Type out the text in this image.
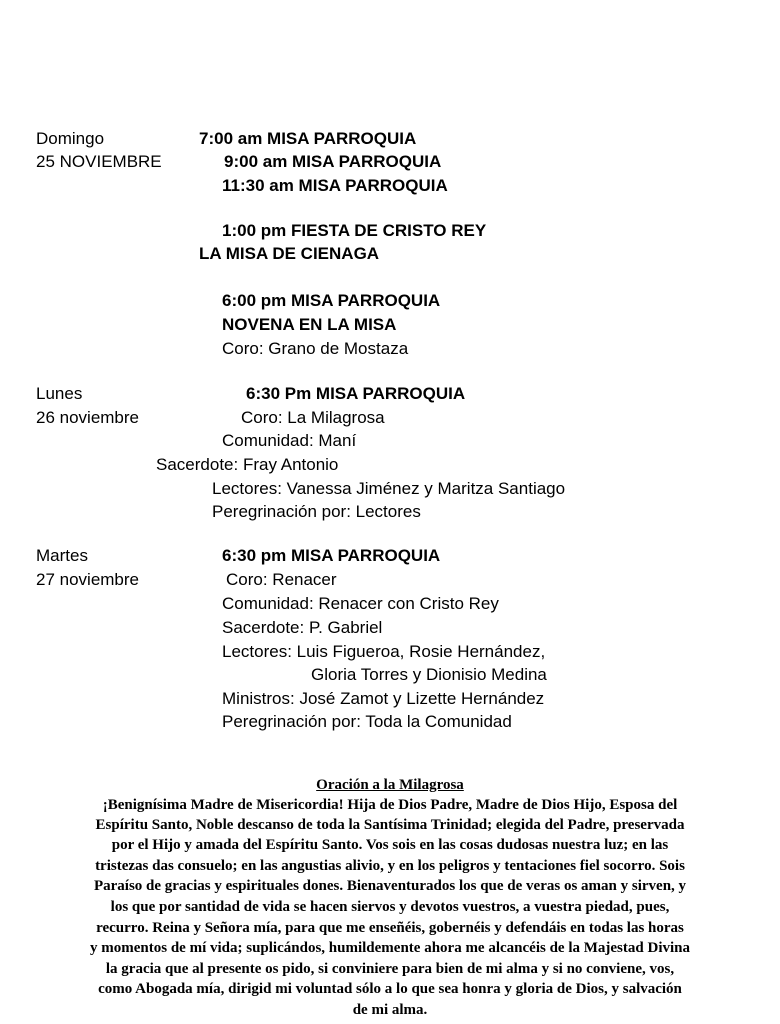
Domingo
25 NOVIEMBRE
7:00 am MISA PARROQUIA
9:00 am MISA PARROQUIA
11:30 am MISA PARROQUIA
1:00 pm FIESTA DE CRISTO REY
LA MISA DE CIENAGA
6:00 pm MISA PARROQUIA
NOVENA EN LA MISA
Coro: Grano de Mostaza
Lunes
26 noviembre
6:30 Pm MISA PARROQUIA
Coro: La Milagrosa
Comunidad: Maní
Sacerdote: Fray Antonio
Lectores: Vanessa Jiménez y Maritza Santiago
Peregrinación por: Lectores
Martes
27 noviembre
6:30 pm MISA PARROQUIA
Coro: Renacer
Comunidad: Renacer con Cristo Rey
Sacerdote: P. Gabriel
Lectores: Luis Figueroa, Rosie Hernández,
Gloria Torres y Dionisio Medina
Ministros: José Zamot y Lizette Hernández
Peregrinación por: Toda la Comunidad
Oración a la Milagrosa
¡Benignísima Madre de Misericordia! Hija de Dios Padre, Madre de Dios Hijo, Esposa del
Espíritu Santo, Noble descanso de toda la Santísima Trinidad; elegida del Padre, preservada
por el Hijo y amada del Espíritu Santo. Vos sois en las cosas dudosas nuestra luz; en las
tristezas das consuelo; en las angustias alivio, y en los peligros y tentaciones fiel socorro. Sois
Paraíso de gracias y espirituales dones. Bienaventurados los que de veras os aman y sirven, y
los que por santidad de vida se hacen siervos y devotos vuestros, a vuestra piedad, pues,
recurro. Reina y Señora mía, para que me enseñéis, gobernéis y defendáis en todas las horas
y momentos de mí vida; suplicándos, humildemente ahora me alcancéis de la Majestad Divina
la gracia que al presente os pido, si conviniere para bien de mi alma y si no conviene, vos,
como Abogada mía, dirigid mi voluntad sólo a lo que sea honra y gloria de Dios, y salvación
de mi alma.
